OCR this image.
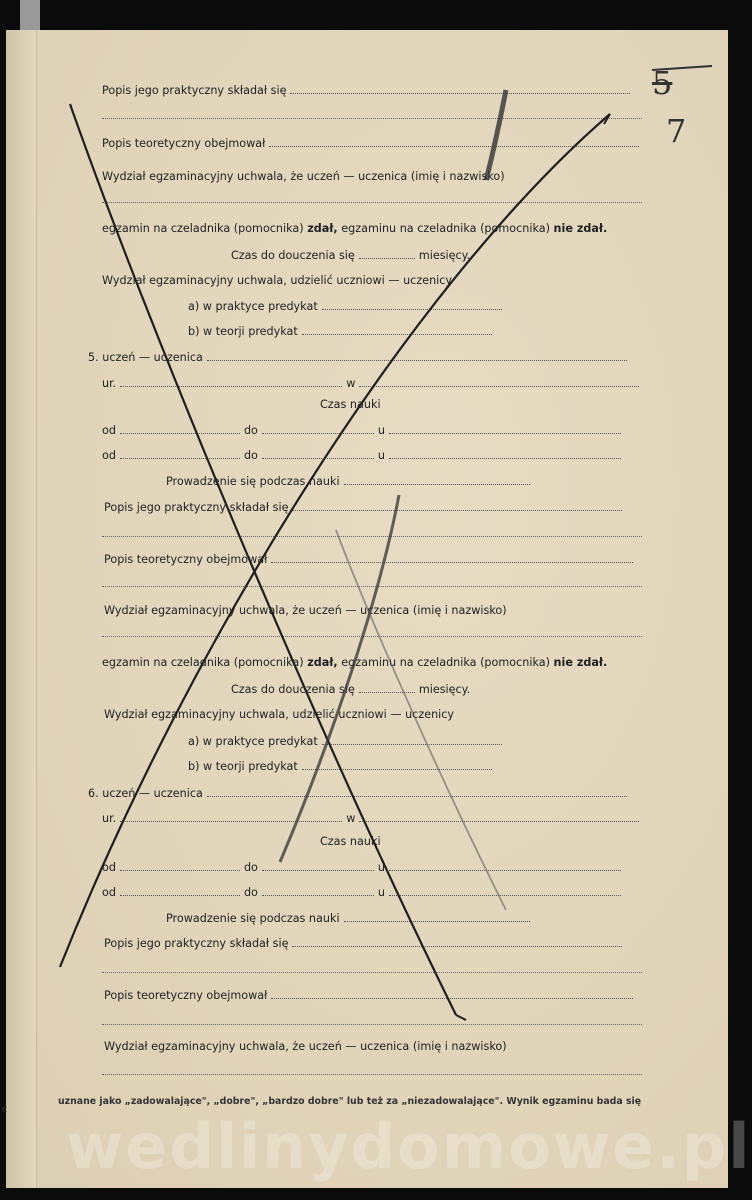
5
7
Popis jego praktyczny składał się
Popis teoretyczny obejmował
Wydział egzaminacyjny uchwala, że uczeń — uczenica (imię i nazwisko)
egzamin na czeladnika (pomocnika) zdał, egzaminu na czeladnika (pomocnika) nie zdał.
Czas do douczenia się	miesięcy.
Wydział egzaminacyjny uchwala, udzielić uczniowi — uczenicy
a) w praktyce predykat
b) w teorji predykat
5. uczeń — uczenica
ur.	w
Czas nauki
od	do	u
od	do	u
Prowadzenie się podczas nauki
Popis jego praktyczny składał się
Popis teoretyczny obejmował
Wydział egzaminacyjny uchwala, że uczeń — uczenica (imię i nazwisko)
egzamin na czeladnika (pomocnika) zdał, egzaminu na czeladnika (pomocnika) nie zdał.
Czas do douczenia się	miesięcy.
Wydział egzaminacyjny uchwala, udzielić uczniowi — uczenicy
a) w praktyce predykat
b) w teorji predykat
6. uczeń — uczenica
ur.	w
Czas nauki
od	do	u
od	do	u
Prowadzenie się podczas nauki
Popis jego praktyczny składał się
Popis teoretyczny obejmował
Wydział egzaminacyjny uchwala, że uczeń — uczenica (imię i nazwisko)
uznane jako „zadowalające", „dobre", „bardzo dobre" lub też za „niezadowalające". Wynik egzaminu bada się
c
wedlinydomowe.pl
